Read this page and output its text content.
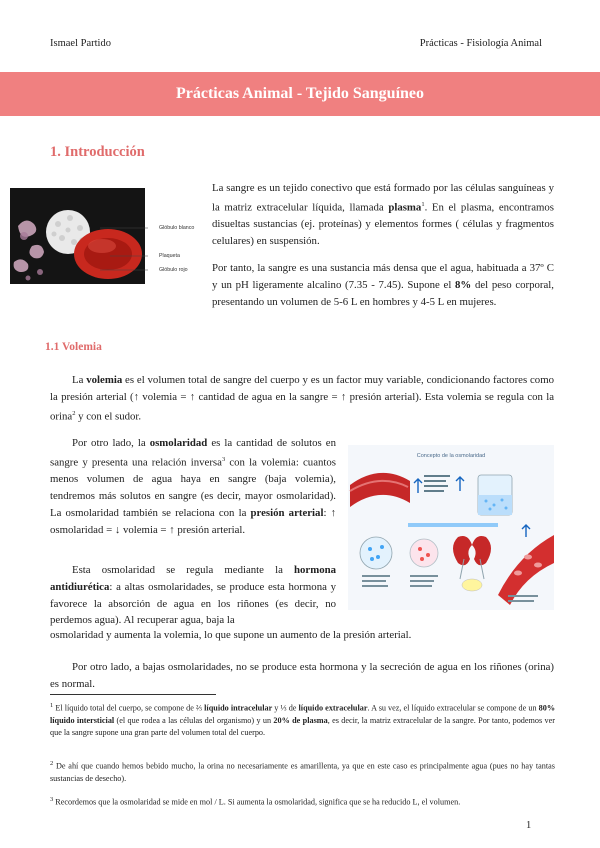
Ismael Partido	Prácticas - Fisiología Animal
Prácticas Animal - Tejido Sanguíneo
1. Introducción
Glóbulo blanco
Plaqueta
Glóbulo rojo
La sangre es un tejido conectivo que está formado por las células sanguíneas y la matriz extracelular líquida, llamada plasma$^1$. En el plasma, encontramos disueltas sustancias (ej. proteínas) y elementos formes ( células y fragmentos celulares) en suspensión.
Por tanto, la sangre es una sustancia más densa que el agua, habituada a 37º C y un pH ligeramente alcalino (7.35 - 7.45). Supone el 8% del peso corporal, presentando un volumen de 5-6 L en hombres y 4-5 L en mujeres.
1.1 Volemia
La volemia es el volumen total de sangre del cuerpo y es un factor muy variable, condicionando factores como la presión arterial (↑ volemia = ↑ cantidad de agua en la sangre = ↑ presión arterial). Esta volemia se regula con la orina$^2$ y con el sudor.
Por otro lado, la osmolaridad es la cantidad de solutos en sangre y presenta una relación inversa$^3$ con la volemia: cuantos menos volumen de agua haya en sangre (baja volemia), tendremos más solutos en sangre (es decir, mayor osmolaridad). La osmolaridad también se relaciona con la presión arterial: ↑ osmolaridad = ↓ volemia = ↑ presión arterial.
Esta osmolaridad se regula mediante la hormona antidiurética: a altas osmolaridades, se produce esta hormona y favorece la absorción de agua en los riñones (es decir, no perdemos agua). Al recuperar agua, baja la
osmolaridad y aumenta la volemia, lo que supone un aumento de la presión arterial.
Por otro lado, a bajas osmolaridades, no se produce esta hormona y la secreción de agua en los riñones (orina) es normal.
Concepto de la osmolaridad
$^1$ El líquido total del cuerpo, se compone de ⅔ líquido intracelular y ⅓ de líquido extracelular. A su vez, el líquido extracelular se compone de un 80% líquido intersticial (el que rodea a las células del organismo) y un 20% de plasma, es decir, la matriz extracelular de la sangre. Por tanto, podemos ver que la sangre supone una gran parte del volumen total del cuerpo.
$^2$ De ahí que cuando hemos bebido mucho, la orina no necesariamente es amarillenta, ya que en este caso es principalmente agua (pues no hay tantas sustancias de desecho).
$^3$ Recordemos que la osmolaridad se mide en mol / L. Si aumenta la osmolaridad, significa que se ha reducido L, el volumen.
1
